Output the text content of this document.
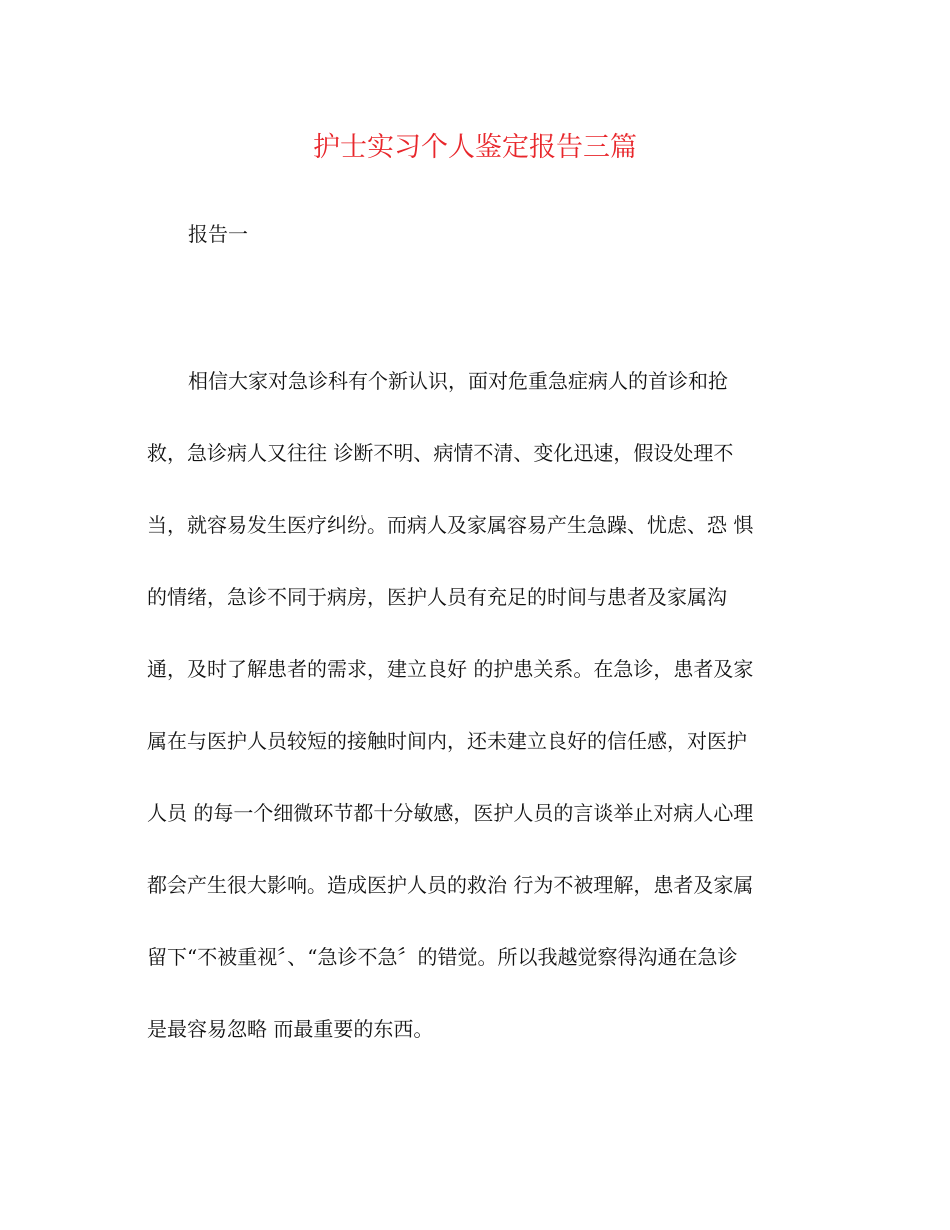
护士实习个人鉴定报告三篇
报告一
相信大家对急诊科有个新认识，面对危重急症病人的首诊和抢
救，急诊病人又往往 诊断不明、病情不清、变化迅速，假设处理不
当，就容易发生医疗纠纷。而病人及家属容易产生急躁、忧虑、恐 惧
的情绪，急诊不同于病房，医护人员有充足的时间与患者及家属沟
通，及时了解患者的需求，建立良好 的护患关系。在急诊，患者及家
属在与医护人员较短的接触时间内，还未建立良好的信任感，对医护
人员 的每一个细微环节都十分敏感，医护人员的言谈举止对病人心理
都会产生很大影响。造成医护人员的救治 行为不被理解，患者及家属
留下“不被重视〞、“急诊不急〞的错觉。所以我越觉察得沟通在急诊
是最容易忽略 而最重要的东西。
